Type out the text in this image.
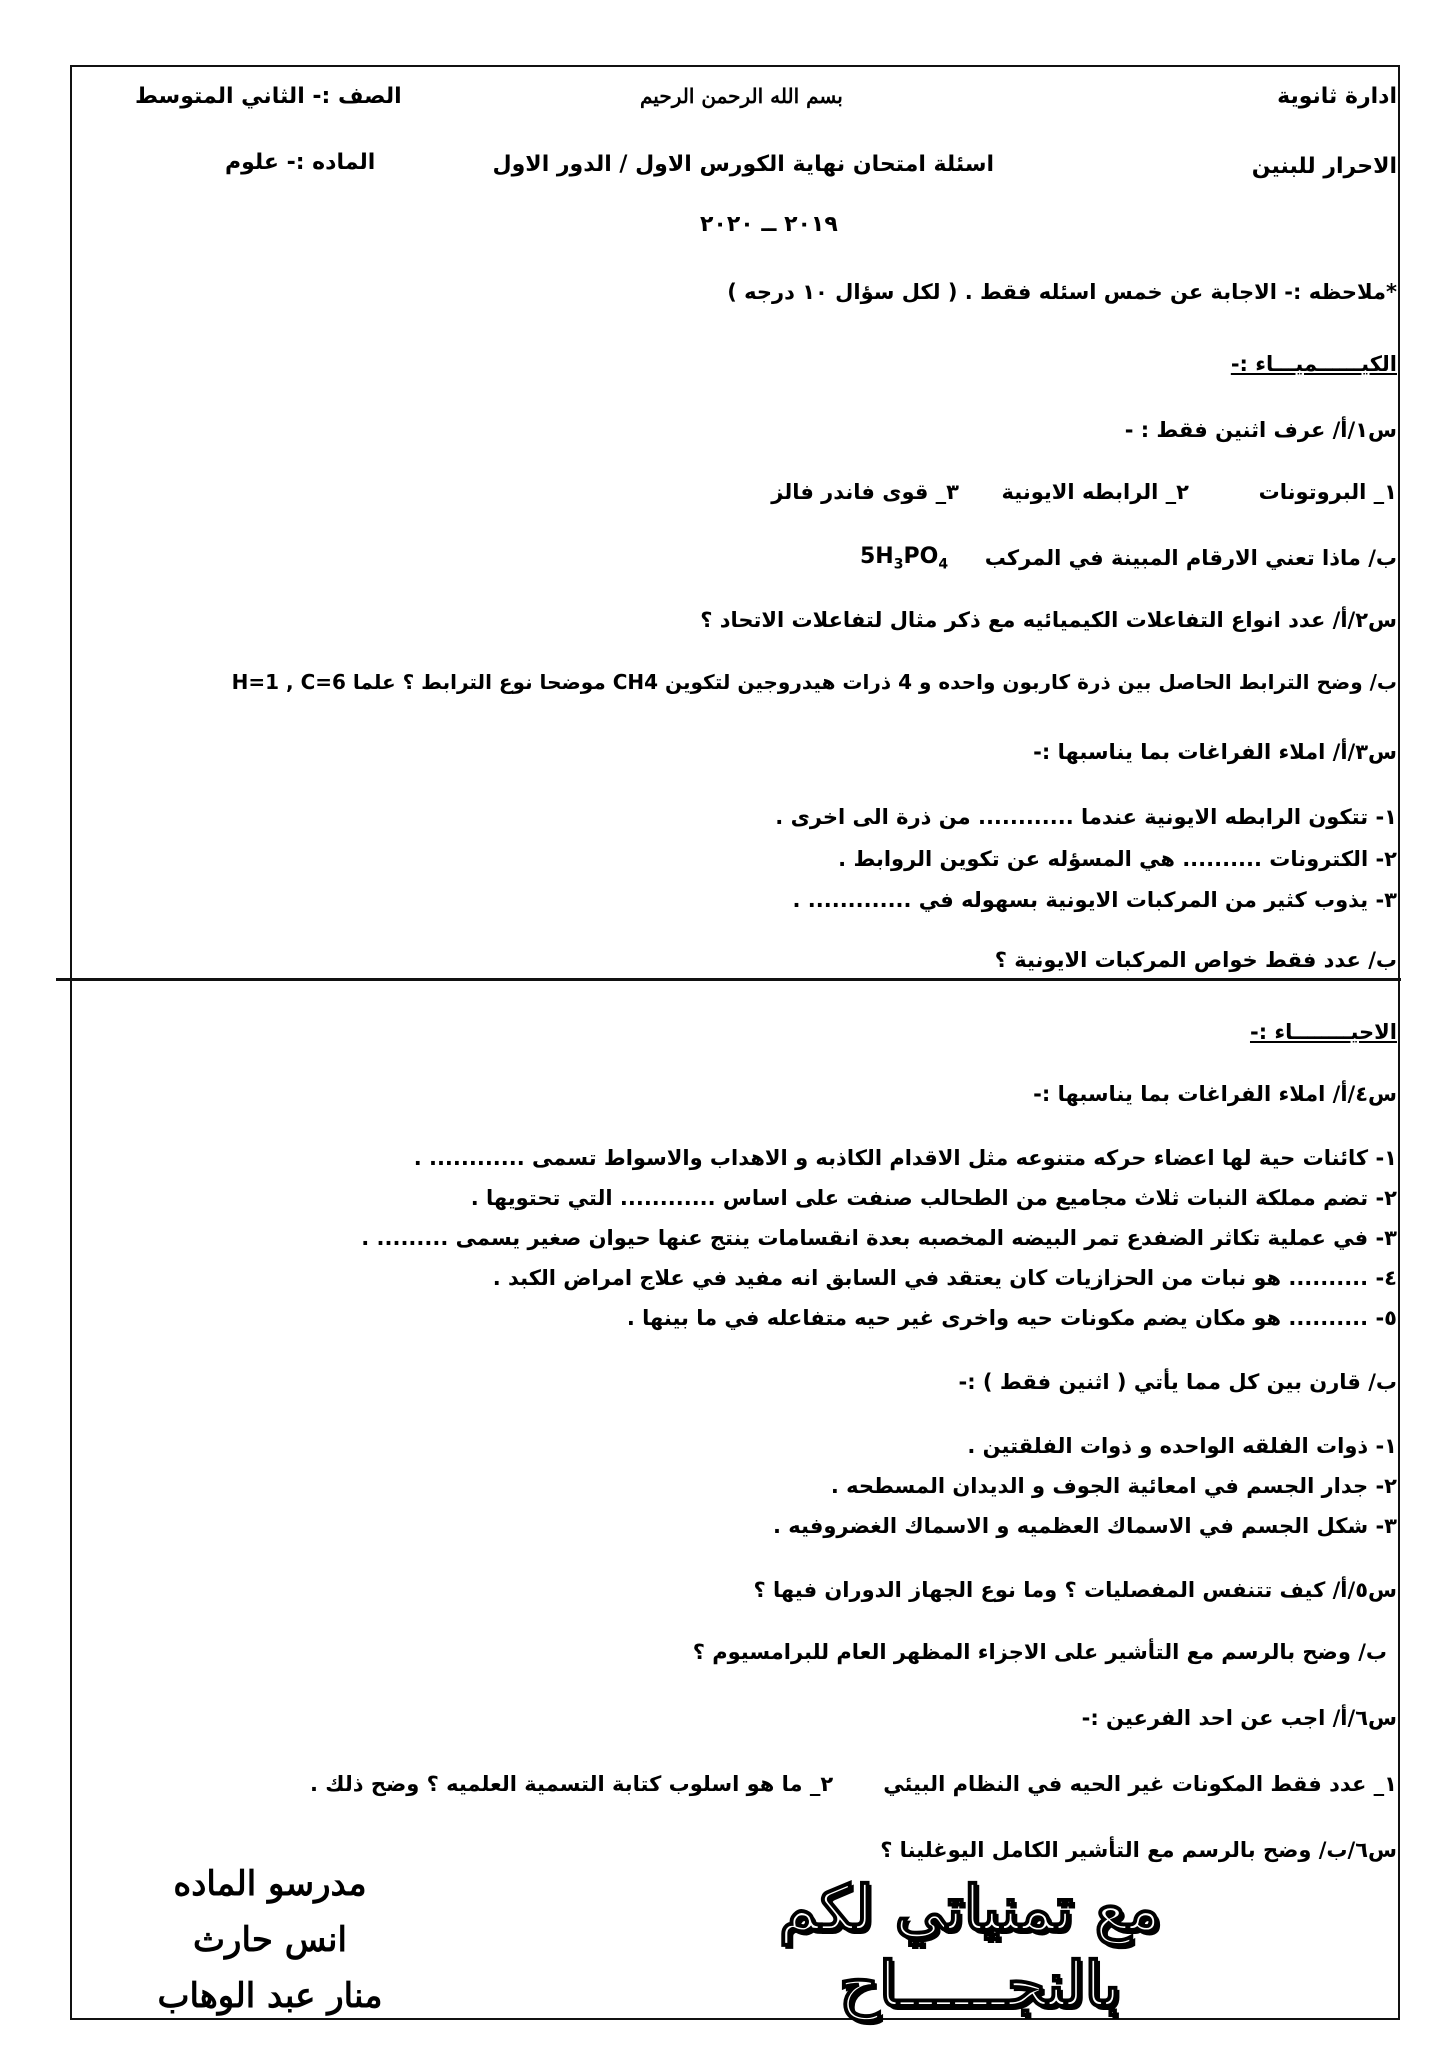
ادارة ثانوية
الاحرار للبنين
بسم الله الرحمن الرحيم
اسئلة امتحان نهاية الكورس الاول / الدور الاول
٢٠١٩ ــ ٢٠٢٠
الصف :- الثاني المتوسط
الماده :- علوم
*ملاحظه :- الاجابة عن خمس اسئله فقط . ( لكل سؤال ١٠ درجه )
الكيــــــميـــاء :-
س١/أ/ عرف اثنين فقط : -
١_ البروتونات
٢_ الرابطه الايونية
٣_ قوى فاندر فالز
ب/ ماذا تعني الارقام المبينة في المركب
$5H_3PO_4$
س٢/أ/ عدد انواع التفاعلات الكيميائيه مع ذكر مثال لتفاعلات الاتحاد ؟
ب/ وضح الترابط الحاصل بين ذرة كاربون واحده و 4 ذرات هيدروجين لتكوين CH4 موضحا نوع الترابط ؟ علما H=1 , C=6
س٣/أ/ املاء الفراغات بما يناسبها :-
١- تتكون الرابطه الايونية عندما ............ من ذرة الى اخرى .
٢- الكترونات .......... هي المسؤله عن تكوين الروابط .
٣- يذوب كثير من المركبات الايونية بسهوله في ............. .
ب/ عدد فقط خواص المركبات الايونية ؟
الاحيــــــــاء :-
س٤/أ/ املاء الفراغات بما يناسبها :-
١- كائنات حية لها اعضاء حركه متنوعه مثل الاقدام الكاذبه و الاهداب والاسواط تسمى ............ .
٢- تضم مملكة النبات ثلاث مجاميع من الطحالب صنفت على اساس ............ التي تحتويها .
٣- في عملية تكاثر الضفدع تمر البيضه المخصبه بعدة انقسامات ينتج عنها حيوان صغير يسمى ......... .
٤- .......... هو نبات من الحزازيات كان يعتقد في السابق انه مفيد في علاج امراض الكبد .
٥- .......... هو مكان يضم مكونات حيه واخرى غير حيه متفاعله في ما بينها .
ب/ قارن بين كل مما يأتي ( اثنين فقط ) :-
١- ذوات الفلقه الواحده و ذوات الفلقتين .
٢- جدار الجسم في امعائية الجوف و الديدان المسطحه .
٣- شكل الجسم في الاسماك العظميه و الاسماك الغضروفيه .
س٥/أ/ كيف تتنفس المفصليات ؟ وما نوع الجهاز الدوران فيها ؟
ب/ وضح بالرسم مع التأشير على الاجزاء المظهر العام للبرامسيوم ؟
س٦/أ/ اجب عن احد الفرعين :-
١_ عدد فقط المكونات غير الحيه في النظام البيئي
٢_ ما هو اسلوب كتابة التسمية العلميه ؟ وضح ذلك .
س٦/ب/ وضح بالرسم مع التأشير الكامل اليوغلينا ؟
مدرسو الماده
انس حارث
منار عبد الوهاب
مع تمنياتي لكم
بالنجــــــاح
